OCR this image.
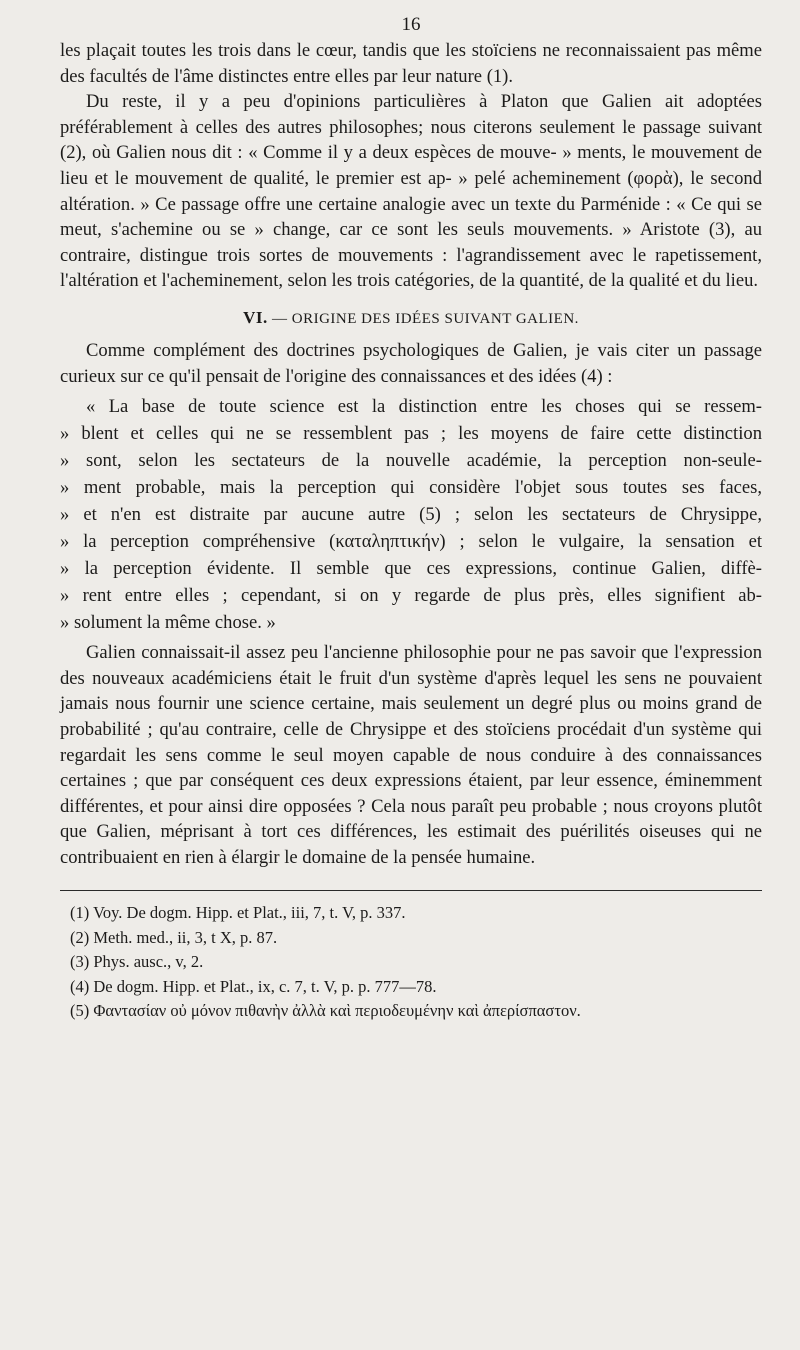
16

les plaçait toutes les trois dans le cœur, tandis que les stoïciens ne reconnaissaient pas même des facultés de l'âme distinctes entre elles par leur nature (1).

Du reste, il y a peu d'opinions particulières à Platon que Galien ait adoptées préférablement à celles des autres philosophes; nous citerons seulement le passage suivant (2), où Galien nous dit : « Comme il y a deux espèces de mouve- » ments, le mouvement de lieu et le mouvement de qualité, le premier est ap- » pelé acheminement (φορὰ), le second altération. » Ce passage offre une certaine analogie avec un texte du Parménide : « Ce qui se meut, s'achemine ou se » change, car ce sont les seuls mouvements. » Aristote (3), au contraire, distingue trois sortes de mouvements : l'agrandissement avec le rapetissement, l'altération et l'acheminement, selon les trois catégories, de la quantité, de la qualité et du lieu.

VI. — ORIGINE DES IDÉES SUIVANT GALIEN.

Comme complément des doctrines psychologiques de Galien, je vais citer un passage curieux sur ce qu'il pensait de l'origine des connaissances et des idées (4) :

« La base de toute science est la distinction entre les choses qui se ressem-
» blent et celles qui ne se ressemblent pas ; les moyens de faire cette distinction
» sont, selon les sectateurs de la nouvelle académie, la perception non-seule-
» ment probable, mais la perception qui considère l'objet sous toutes ses faces,
» et n'en est distraite par aucune autre (5) ; selon les sectateurs de Chrysippe,
» la perception compréhensive (καταληπτικήν) ; selon le vulgaire, la sensation et
» la perception évidente. Il semble que ces expressions, continue Galien, diffè-
» rent entre elles ; cependant, si on y regarde de plus près, elles signifient ab-
» solument la même chose. »

Galien connaissait-il assez peu l'ancienne philosophie pour ne pas savoir que l'expression des nouveaux académiciens était le fruit d'un système d'après lequel les sens ne pouvaient jamais nous fournir une science certaine, mais seulement un degré plus ou moins grand de probabilité ; qu'au contraire, celle de Chrysippe et des stoïciens procédait d'un système qui regardait les sens comme le seul moyen capable de nous conduire à des connaissances certaines ; que par conséquent ces deux expressions étaient, par leur essence, éminemment différentes, et pour ainsi dire opposées ? Cela nous paraît peu probable ; nous croyons plutôt que Galien, méprisant à tort ces différences, les estimait des puérilités oiseuses qui ne contribuaient en rien à élargir le domaine de la pensée humaine.

(1) Voy. De dogm. Hipp. et Plat., iii, 7, t. V, p. 337.

(2) Meth. med., ii, 3, t X, p. 87.

(3) Phys. ausc., v, 2.

(4) De dogm. Hipp. et Plat., ix, c. 7, t. V, p. p. 777—78.

(5) Φαντασίαν οὐ μόνον πιθανὴν ἀλλὰ καὶ περιοδευμένην καὶ ἀπερίσπαστον.
